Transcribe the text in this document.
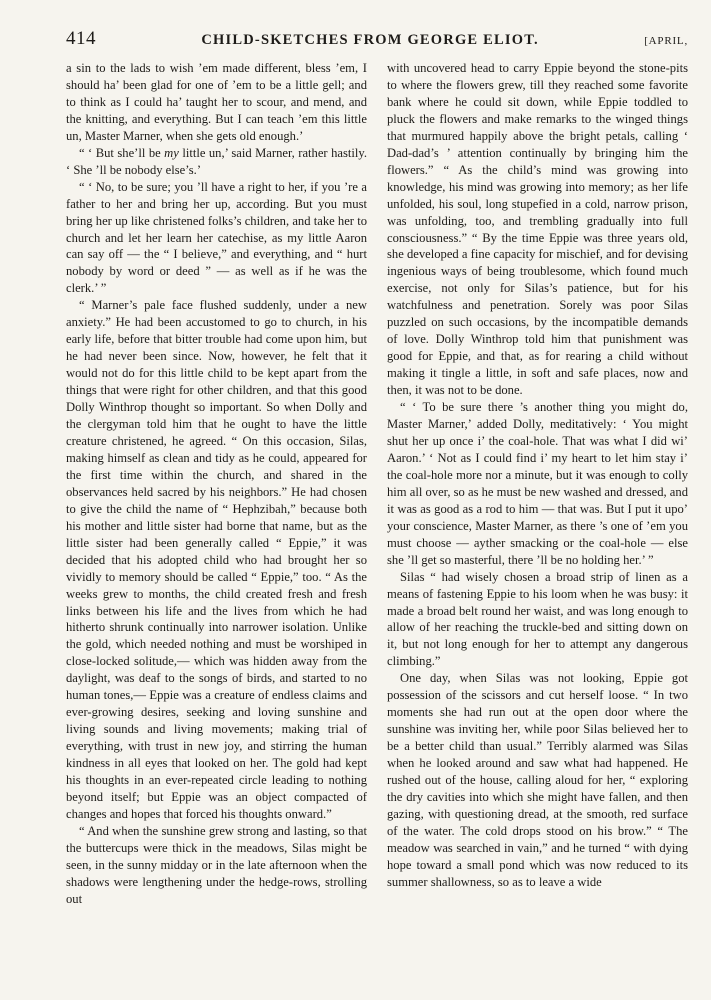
414	CHILD-SKETCHES FROM GEORGE ELIOT.	[APRIL,

a sin to the lads to wish ’em made different, bless ’em, I should ha’ been glad for one of ’em to be a little gell; and to think as I could ha’ taught her to scour, and mend, and the knitting, and everything. But I can teach ’em this little un, Master Marner, when she gets old enough.’

“ ‘ But she’ll be my little un,’ said Marner, rather hastily. ‘ She ’ll be nobody else’s.’

“ ‘ No, to be sure; you ’ll have a right to her, if you ’re a father to her and bring her up, according. But you must bring her up like christened folks’s children, and take her to church and let her learn her catechise, as my little Aaron can say off — the “ I believe,” and everything, and “ hurt nobody by word or deed ” — as well as if he was the clerk.’ ”

“ Marner’s pale face flushed suddenly, under a new anxiety.” He had been accustomed to go to church, in his early life, before that bitter trouble had come upon him, but he had never been since. Now, however, he felt that it would not do for this little child to be kept apart from the things that were right for other children, and that this good Dolly Winthrop thought so important. So when Dolly and the clergyman told him that he ought to have the little creature christened, he agreed. “ On this occasion, Silas, making himself as clean and tidy as he could, appeared for the first time within the church, and shared in the observances held sacred by his neighbors.” He had chosen to give the child the name of “ Hephzibah,” because both his mother and little sister had borne that name, but as the little sister had been generally called “ Eppie,” it was decided that his adopted child who had brought her so vividly to memory should be called “ Eppie,” too. “ As the weeks grew to months, the child created fresh and fresh links between his life and the lives from which he had hitherto shrunk continually into narrower isolation. Unlike the gold, which needed nothing and must be worshiped in close-locked solitude,— which was hidden away from the daylight, was deaf to the songs of birds, and started to no human tones,— Eppie was a creature of endless claims and ever-growing desires, seeking and loving sunshine and living sounds and living movements; making trial of everything, with trust in new joy, and stirring the human kindness in all eyes that looked on her. The gold had kept his thoughts in an ever-repeated circle leading to nothing beyond itself; but Eppie was an object compacted of changes and hopes that forced his thoughts onward.”

“ And when the sunshine grew strong and lasting, so that the buttercups were thick in the meadows, Silas might be seen, in the sunny midday or in the late afternoon when the shadows were lengthening under the hedge-rows, strolling out

with uncovered head to carry Eppie beyond the stone-pits to where the flowers grew, till they reached some favorite bank where he could sit down, while Eppie toddled to pluck the flowers and make remarks to the winged things that murmured happily above the bright petals, calling ‘ Dad-dad’s ’ attention continually by bringing him the flowers.” “ As the child’s mind was growing into knowledge, his mind was growing into memory; as her life unfolded, his soul, long stupefied in a cold, narrow prison, was unfolding, too, and trembling gradually into full consciousness.” “ By the time Eppie was three years old, she developed a fine capacity for mischief, and for devising ingenious ways of being troublesome, which found much exercise, not only for Silas’s patience, but for his watchfulness and penetration. Sorely was poor Silas puzzled on such occasions, by the incompatible demands of love. Dolly Winthrop told him that punishment was good for Eppie, and that, as for rearing a child without making it tingle a little, in soft and safe places, now and then, it was not to be done.

“ ‘ To be sure there ’s another thing you might do, Master Marner,’ added Dolly, meditatively: ‘ You might shut her up once i’ the coal-hole. That was what I did wi’ Aaron.’ ‘ Not as I could find i’ my heart to let him stay i’ the coal-hole more nor a minute, but it was enough to colly him all over, so as he must be new washed and dressed, and it was as good as a rod to him — that was. But I put it upo’ your conscience, Master Marner, as there ’s one of ’em you must choose — ayther smacking or the coal-hole — else she ’ll get so masterful, there ’ll be no holding her.’ ”

Silas “ had wisely chosen a broad strip of linen as a means of fastening Eppie to his loom when he was busy: it made a broad belt round her waist, and was long enough to allow of her reaching the truckle-bed and sitting down on it, but not long enough for her to attempt any dangerous climbing.”

One day, when Silas was not looking, Eppie got possession of the scissors and cut herself loose. “ In two moments she had run out at the open door where the sunshine was inviting her, while poor Silas believed her to be a better child than usual.” Terribly alarmed was Silas when he looked around and saw what had happened. He rushed out of the house, calling aloud for her, “ exploring the dry cavities into which she might have fallen, and then gazing, with questioning dread, at the smooth, red surface of the water. The cold drops stood on his brow.” “ The meadow was searched in vain,” and he turned “ with dying hope toward a small pond which was now reduced to its summer shallowness, so as to leave a wide
